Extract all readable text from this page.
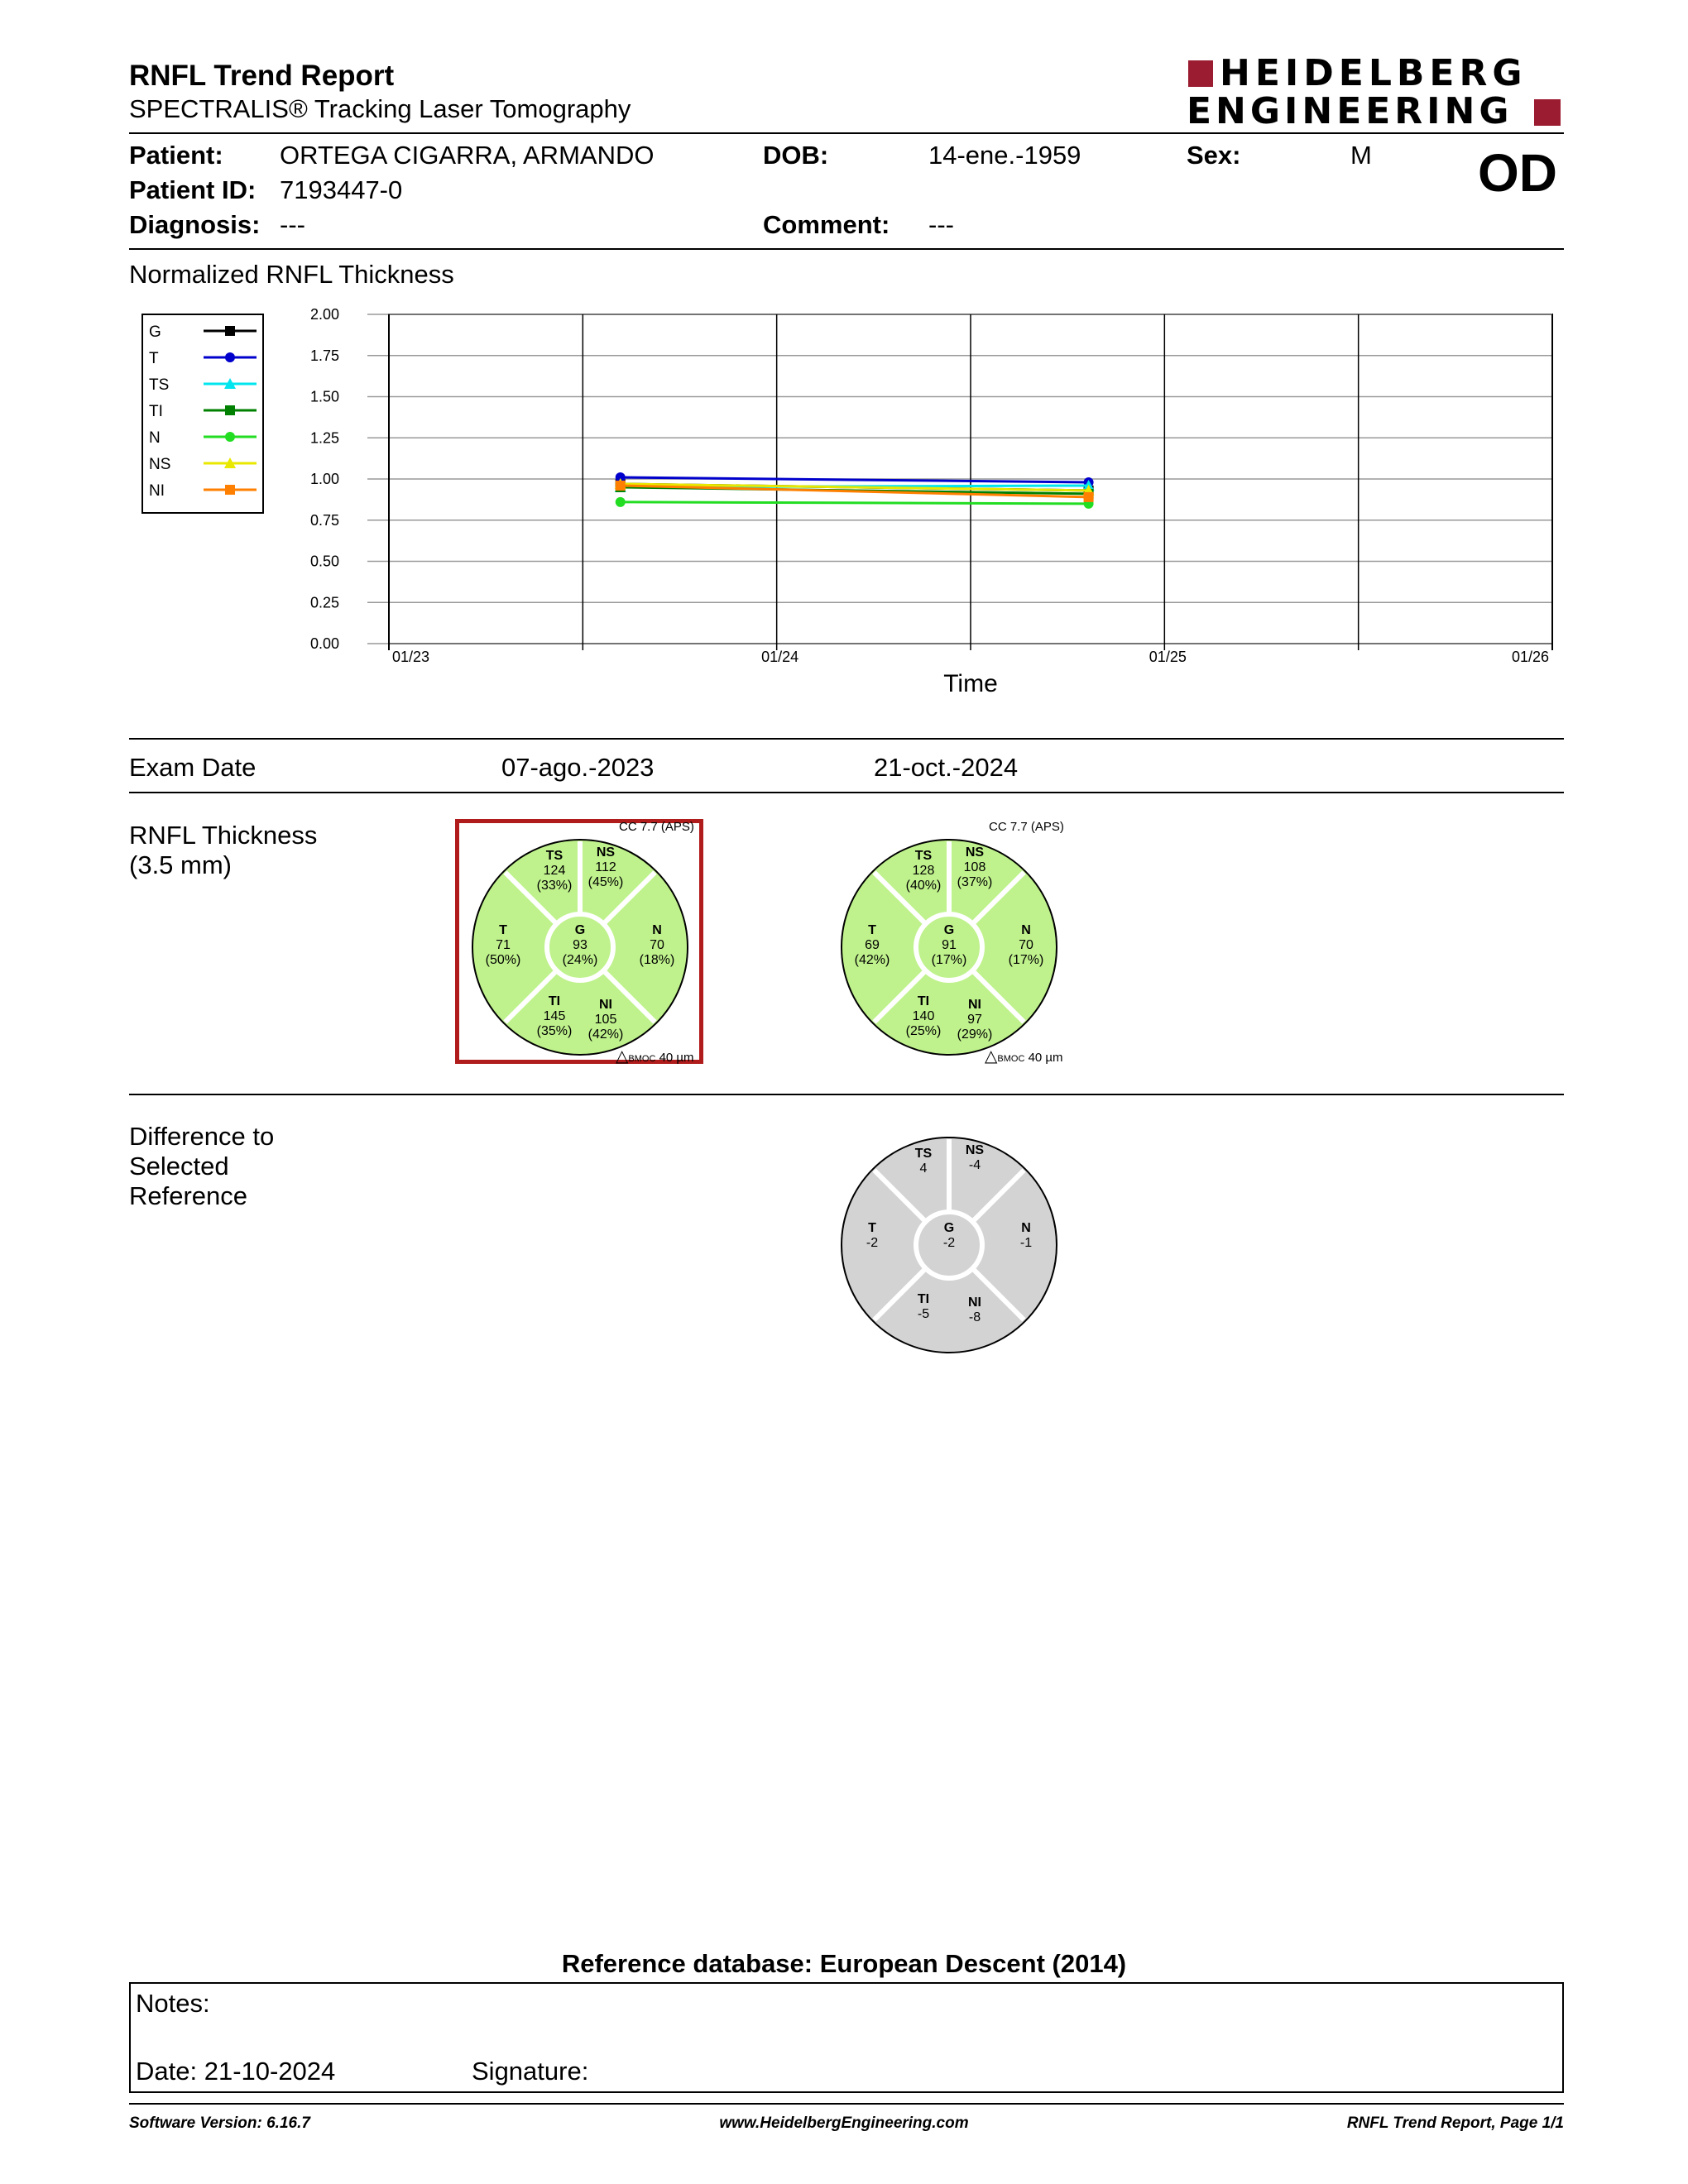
RNFL Trend Report
SPECTRALIS® Tracking Laser Tomography
HEIDELBERG
ENGINEERING
Patient: ORTEGA CIGARRA, ARMANDO
Patient ID: 7193447-0
Diagnosis: ---
DOB:	14-ene.-1959
Comment: ---
Sex:	M OD
Normalized RNFL Thickness
0.00
0.25
0.50
0.75
1.00
1.25
1.50
1.75
2.00
01/23	01/24	01/25	01/26
Time
G
T
TS
TI
N
NS
NI
Exam Date	07-ago.-2023	21-oct.-2024
RNFL Thickness
(3.5 mm)
CC 7.7 (APS)	CC 7.7 (APS)
G
93
(24%)
T
71
(50%)
N
70
(18%)
TS
124
(33%)
NS
112
(45%)
TI
145
(35%)
NI
105
(42%)
G
91
(17%)
T
69
(42%)
N
70
(17%)
TS
128
(40%)
NS
108
(37%)
TI
140
(25%)
NI
97
(29%)
△BMOC 40 µm	△BMOC 40 µm
Difference to
Selected
Reference
G
-2
T
-2
N
-1
TS
4
NS
-4
TI
-5
NI
-8
Reference database: European Descent (2014)
Notes:
Date: 21-10-2024	Signature:
Software Version: 6.16.7	www.HeidelbergEngineering.com	RNFL Trend Report, Page 1/1
